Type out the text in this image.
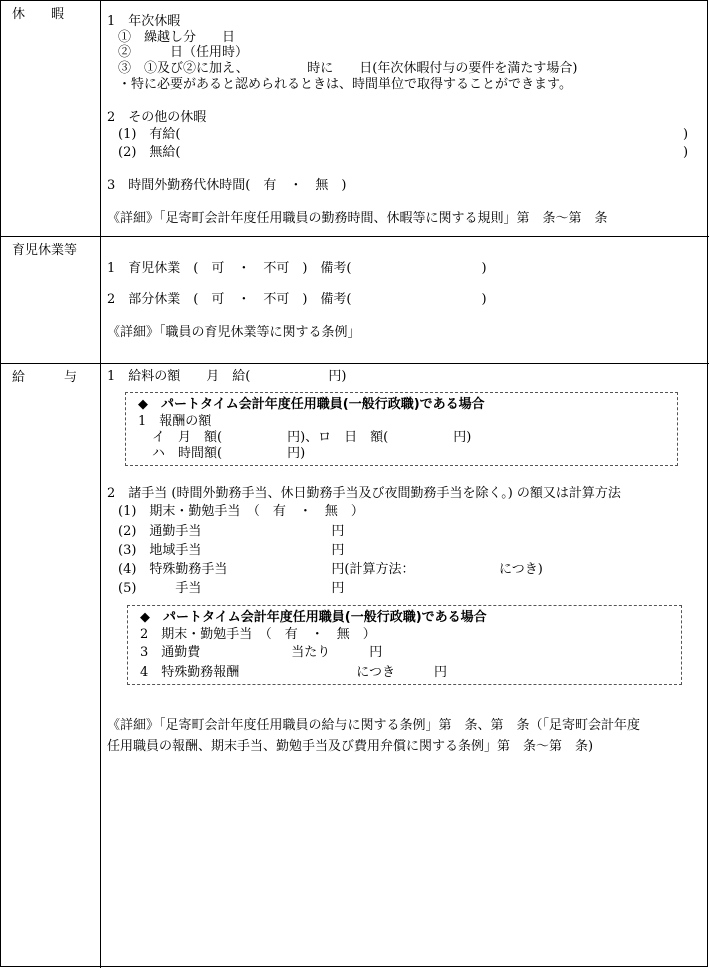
休　　暇	1　年次休暇
①　繰越し分　　日
②　　　日（任用時）
③　①及び②に加え、　　　　　時に　　日(年次休暇付与の要件を満たす場合)
・特に必要があると認められるときは、時間単位で取得することができます。
2　その他の休暇
(1)　有給(	)
(2)　無給(	)
3　時間外勤務代休時間(　有　・　無　)
《詳細》「足寄町会計年度任用職員の勤務時間、休暇等に関する規則」第　条～第　条
育児休業等
1　育児休業　(　可　・　不可　)　備考(　　　　　　　　　　)
2　部分休業　(　可　・　不可　)　備考(　　　　　　　　　　)
《詳細》「職員の育児休業等に関する条例」
給　　　与 1　給料の額　　月　給(　　　　　　円)
◆　 パートタイム会計年度任用職員(一般行政職)である場合
1　報酬の額
イ　月　額(　　　　　円)、ロ　日　額(　　　　　円)
ハ　時間額(　　　　　円)
2　諸手当 (時間外勤務手当、休日勤務手当及び夜間勤務手当を除く。) の額又は計算方法
(1)　期末・勤勉手当　（　有　・　無　）
(2)　通勤手当　　　　　　　　　　円
(3)　地域手当　　　　　　　　　　円
(4)　特殊勤務手当　　　　　　　　円(計算方法：　　　　　　　につき)
(5)　　　手当　　　　　　　　　　円
◆　 パートタイム会計年度任用職員(一般行政職)である場合
2　期末・勤勉手当　（　有　・　無　）
3　通勤費　　　　　　　当たり　　　円
4　特殊勤務報酬　　　　　　　　　につき　　　円
《詳細》「足寄町会計年度任用職員の給与に関する条例」第　条、第　条（「足寄町会計年度
任用職員の報酬、期末手当、勤勉手当及び費用弁償に関する条例」第　条～第　条)
